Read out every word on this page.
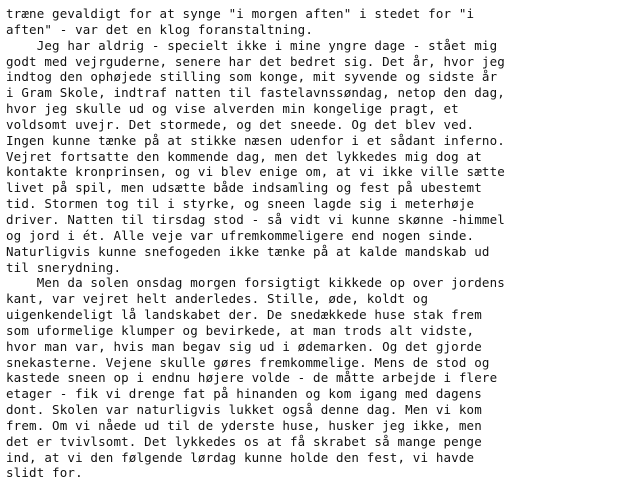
træne gevaldigt for at synge "i morgen aften" i stedet for "i
aften" - var det en klog foranstaltning.
Jeg har aldrig - specielt ikke i mine yngre dage - stået mig
godt med vejrguderne, senere har det bedret sig. Det år, hvor jeg
indtog den ophøjede stilling som konge, mit syvende og sidste år
i Gram Skole, indtraf natten til fastelavnssøndag, netop den dag,
hvor jeg skulle ud og vise alverden min kongelige pragt, et
voldsomt uvejr. Det stormede, og det sneede. Og det blev ved.
Ingen kunne tænke på at stikke næsen udenfor i et sådant inferno.
Vejret fortsatte den kommende dag, men det lykkedes mig dog at
kontakte kronprinsen, og vi blev enige om, at vi ikke ville sætte
livet på spil, men udsætte både indsamling og fest på ubestemt
tid. Stormen tog til i styrke, og sneen lagde sig i meterhøje
driver. Natten til tirsdag stod - så vidt vi kunne skønne -himmel
og jord i ét. Alle veje var ufremkommeligere end nogen sinde.
Naturligvis kunne snefogeden ikke tænke på at kalde mandskab ud
til snerydning.
Men da solen onsdag morgen forsigtigt kikkede op over jordens
kant, var vejret helt anderledes. Stille, øde, koldt og
uigenkendeligt lå landskabet der. De snedækkede huse stak frem
som uformelige klumper og bevirkede, at man trods alt vidste,
hvor man var, hvis man begav sig ud i ødemarken. Og det gjorde
snekasterne. Vejene skulle gøres fremkommelige. Mens de stod og
kastede sneen op i endnu højere volde - de måtte arbejde i flere
etager - fik vi drenge fat på hinanden og kom igang med dagens
dont. Skolen var naturligvis lukket også denne dag. Men vi kom
frem. Om vi nåede ud til de yderste huse, husker jeg ikke, men
det er tvivlsomt. Det lykkedes os at få skrabet så mange penge
ind, at vi den følgende lørdag kunne holde den fest, vi havde
slidt for.
